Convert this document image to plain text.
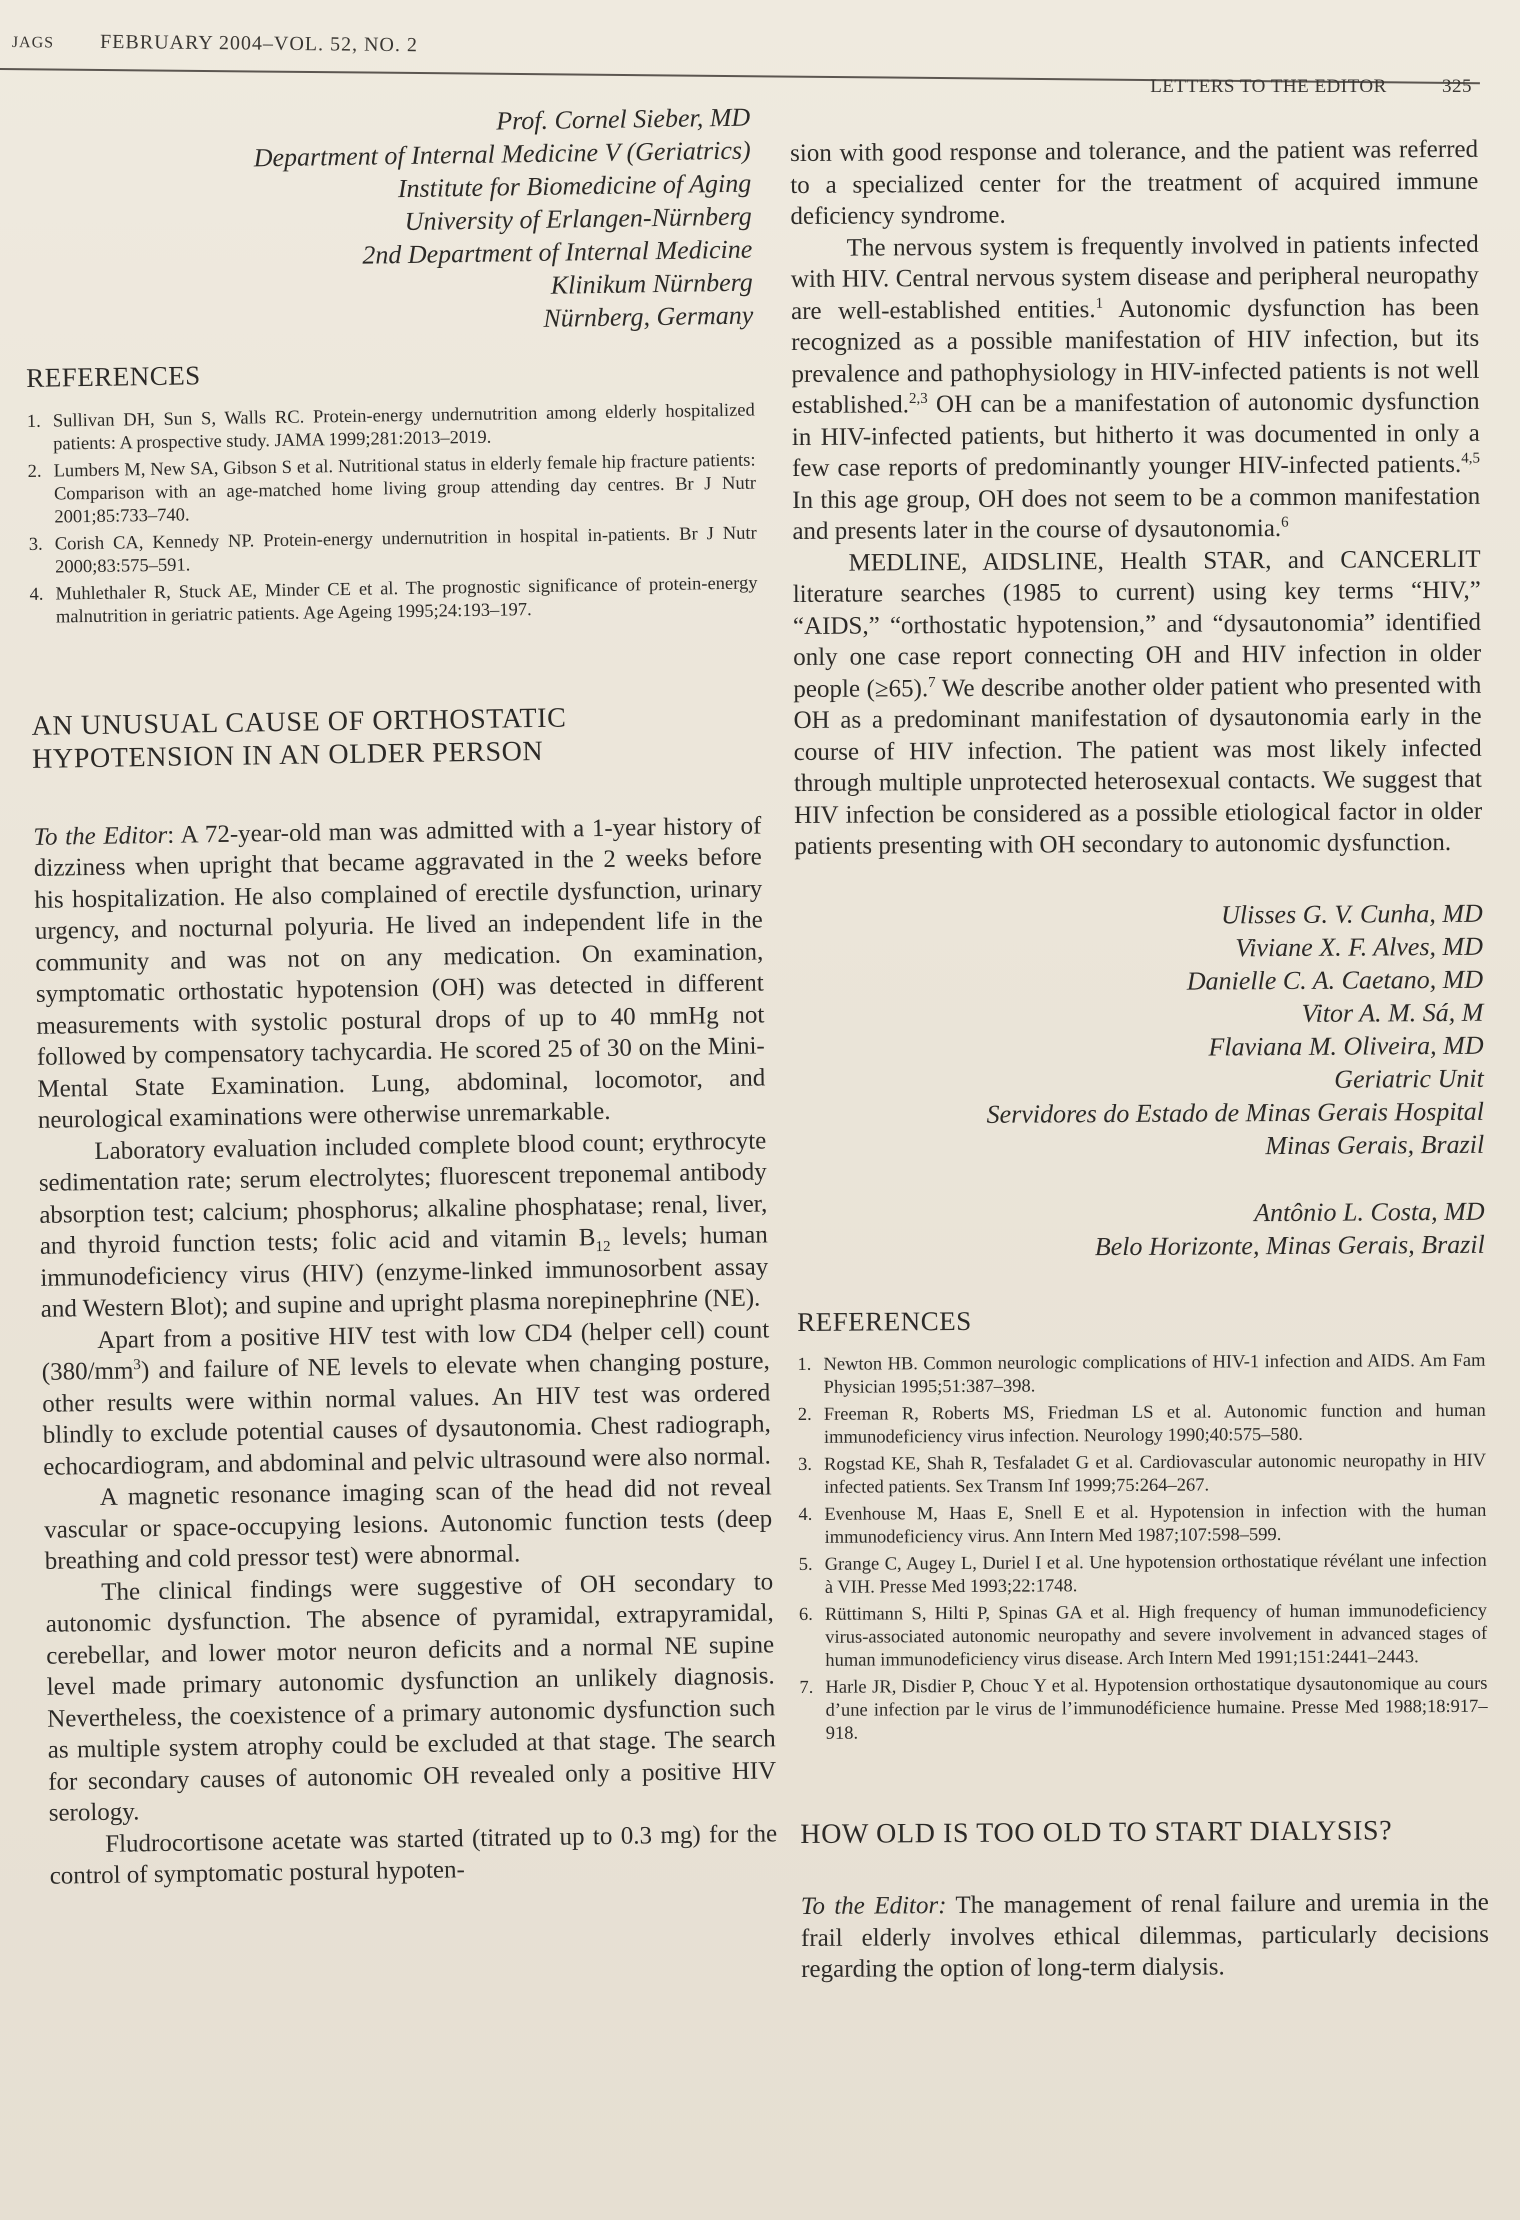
JAGS FEBRUARY 2004–VOL. 52, NO. 2
LETTERS TO THE EDITOR	325
Prof. Cornel Sieber, MD
Department of Internal Medicine V (Geriatrics)
Institute for Biomedicine of Aging
University of Erlangen-Nürnberg
2nd Department of Internal Medicine
Klinikum Nürnberg
Nürnberg, Germany
REFERENCES
1. Sullivan DH, Sun S, Walls RC. Protein-energy undernutrition among elderly hospitalized patients: A prospective study. JAMA 1999;281:2013–2019.
2. Lumbers M, New SA, Gibson S et al. Nutritional status in elderly female hip fracture patients: Comparison with an age-matched home living group attending day centres. Br J Nutr 2001;85:733–740.
3. Corish CA, Kennedy NP. Protein-energy undernutrition in hospital in-patients. Br J Nutr 2000;83:575–591.
4. Muhlethaler R, Stuck AE, Minder CE et al. The prognostic significance of protein-energy malnutrition in geriatric patients. Age Ageing 1995;24:193–197.
AN UNUSUAL CAUSE OF ORTHOSTATIC HYPOTENSION IN AN OLDER PERSON

To the Editor: A 72-year-old man was admitted with a 1-year history of dizziness when upright that became aggravated in the 2 weeks before his hospitalization. He also complained of erectile dysfunction, urinary urgency, and nocturnal polyuria. He lived an independent life in the community and was not on any medication. On examination, symptomatic orthostatic hypotension (OH) was detected in different measurements with systolic postural drops of up to 40 mmHg not followed by compensatory tachycardia. He scored 25 of 30 on the Mini-Mental State Examination. Lung, abdominal, locomotor, and neurological examinations were otherwise unremarkable.

Laboratory evaluation included complete blood count; erythrocyte sedimentation rate; serum electrolytes; fluorescent treponemal antibody absorption test; calcium; phosphorus; alkaline phosphatase; renal, liver, and thyroid function tests; folic acid and vitamin $B_{12}$ levels; human immunodeficiency virus (HIV) (enzyme-linked immunosorbent assay and Western Blot); and supine and upright plasma norepinephrine (NE).

Apart from a positive HIV test with low CD4 (helper cell) count $(380/mm^3)$ and failure of NE levels to elevate when changing posture, other results were within normal values. An HIV test was ordered blindly to exclude potential causes of dysautonomia. Chest radiograph, echocardiogram, and abdominal and pelvic ultrasound were also normal.

A magnetic resonance imaging scan of the head did not reveal vascular or space-occupying lesions. Autonomic function tests (deep breathing and cold pressor test) were abnormal.

The clinical findings were suggestive of OH secondary to autonomic dysfunction. The absence of pyramidal, extrapyramidal, cerebellar, and lower motor neuron deficits and a normal NE supine level made primary autonomic dysfunction an unlikely diagnosis. Nevertheless, the coexistence of a primary autonomic dysfunction such as multiple system atrophy could be excluded at that stage. The search for secondary causes of autonomic OH revealed only a positive HIV serology.

Fludrocortisone acetate was started (titrated up to 0.3 mg) for the control of symptomatic postural hypoten-

sion with good response and tolerance, and the patient was referred to a specialized center for the treatment of acquired immune deficiency syndrome.

The nervous system is frequently involved in patients infected with HIV. Central nervous system disease and peripheral neuropathy are well-established entities.$^1$ Autonomic dysfunction has been recognized as a possible manifestation of HIV infection, but its prevalence and pathophysiology in HIV-infected patients is not well established.$^{2,3}$ OH can be a manifestation of autonomic dysfunction in HIV-infected patients, but hitherto it was documented in only a few case reports of predominantly younger HIV-infected patients.$^{4,5}$ In this age group, OH does not seem to be a common manifestation and presents later in the course of dysautonomia.$^6$

MEDLINE, AIDSLINE, Health STAR, and CANCERLIT literature searches (1985 to current) using key terms “HIV,” “AIDS,” “orthostatic hypotension,” and “dysautonomia” identified only one case report connecting OH and HIV infection in older people (≥65).$^7$ We describe another older patient who presented with OH as a predominant manifestation of dysautonomia early in the course of HIV infection. The patient was most likely infected through multiple unprotected heterosexual contacts. We suggest that HIV infection be considered as a possible etiological factor in older patients presenting with OH secondary to autonomic dysfunction.

Ulisses G. V. Cunha, MD
Viviane X. F. Alves, MD
Danielle C. A. Caetano, MD
Vitor A. M. Sá, M
Flaviana M. Oliveira, MD
Geriatric Unit
Servidores do Estado de Minas Gerais Hospital
Minas Gerais, Brazil
Antônio L. Costa, MD
Belo Horizonte, Minas Gerais, Brazil
REFERENCES
1. Newton HB. Common neurologic complications of HIV-1 infection and AIDS. Am Fam Physician 1995;51:387–398.
2. Freeman R, Roberts MS, Friedman LS et al. Autonomic function and human immunodeficiency virus infection. Neurology 1990;40:575–580.
3. Rogstad KE, Shah R, Tesfaladet G et al. Cardiovascular autonomic neuropathy in HIV infected patients. Sex Transm Inf 1999;75:264–267.
4. Evenhouse M, Haas E, Snell E et al. Hypotension in infection with the human immunodeficiency virus. Ann Intern Med 1987;107:598–599.
5. Grange C, Augey L, Duriel I et al. Une hypotension orthostatique révélant une infection à VIH. Presse Med 1993;22:1748.
6. Rüttimann S, Hilti P, Spinas GA et al. High frequency of human immunodeficiency virus-associated autonomic neuropathy and severe involvement in advanced stages of human immunodeficiency virus disease. Arch Intern Med 1991;151:2441–2443.
7. Harle JR, Disdier P, Chouc Y et al. Hypotension orthostatique dysautonomique au cours d’une infection par le virus de l’immunodéficience humaine. Presse Med 1988;18:917–918.
HOW OLD IS TOO OLD TO START DIALYSIS?

To the Editor: The management of renal failure and uremia in the frail elderly involves ethical dilemmas, particularly decisions regarding the option of long-term dialysis.
